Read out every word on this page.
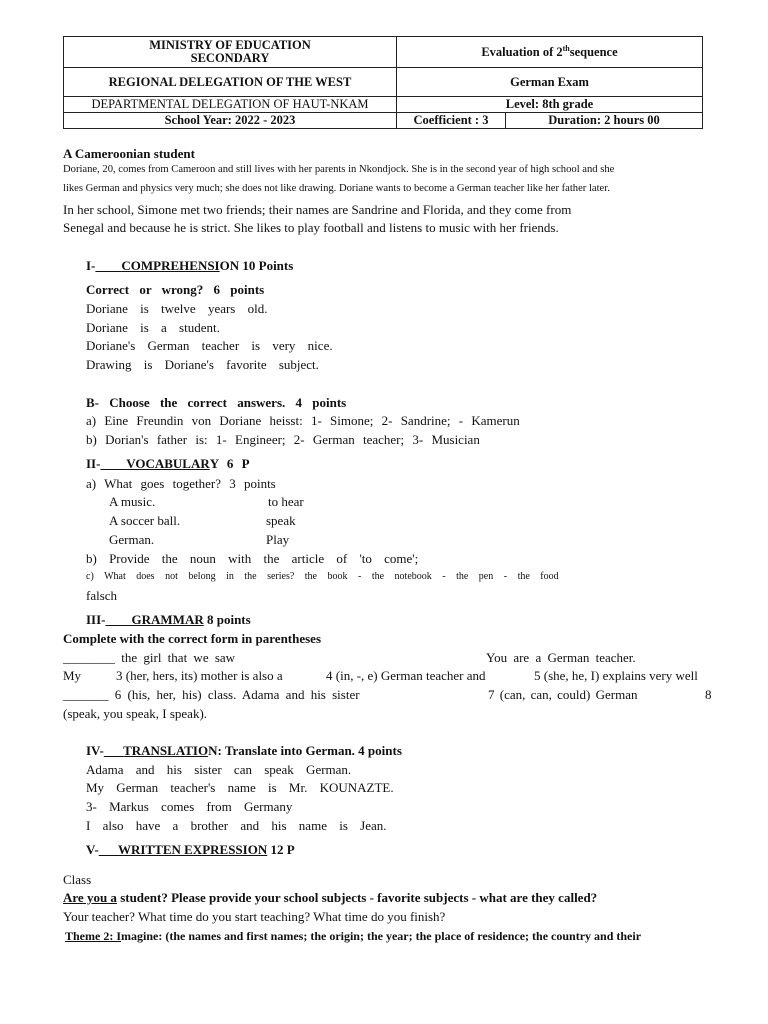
MINISTRY OF EDUCATION
SECONDARY	Evaluation of 2thsequence	
REGIONAL DELEGATION OF THE WEST	German Exam	
DEPARTMENTAL DELEGATION OF HAUT-NKAM	Level: 8th grade	
School Year: 2022 - 2023	Coefficient : 3	Duration: 2 hours 00
A Cameroonian student
Doriane, 20, comes from Cameroon and still lives with her parents in Nkondjock. She is in the second year of high school and she
likes German and physics very much; she does not like drawing. Doriane wants to become a German teacher like her father later.
In her school, Simone met two friends; their names are Sandrine and Florida, and they come from
Senegal and because he is strict. She likes to play football and listens to music with her friends.
I- COMPREHENSION 10 Points
Correct or wrong? 6 points
Doriane is twelve years old.
Doriane is a student.
Doriane's German teacher is very nice.
Drawing is Doriane's favorite subject.
B- Choose the correct answers. 4 points
a) Eine Freundin von Doriane heisst: 1- Simone; 2- Sandrine; - Kamerun
b) Dorian's father is: 1- Engineer; 2- German teacher; 3- Musician
II- VOCABULARY 6 P
a) What goes together? 3 points
A music.	to hear
A soccer ball.	speak
German.	Play
b) Provide the noun with the article of 'to come';
c) What does not belong in the series? the book - the notebook - the pen - the food
falsch
III- GRAMMAR 8 points
Complete with the correct form in parentheses
________ the girl that we saw	You are a German teacher.
My	3 (her, hers, its) mother is also a	4 (in, -, e) German teacher and	5 (she, he, I) explains very well
_______ 6 (his, her, his) class. Adama and his sister	7 (can, can, could) German	8
(speak, you speak, I speak).
IV- TRANSLATION: Translate into German. 4 points
Adama and his sister can speak German.
My German teacher's name is Mr. KOUNAZTE.
3- Markus comes from Germany
I also have a brother and his name is Jean.
V- WRITTEN EXPRESSION 12 P
Class
Are you a student? Please provide your school subjects - favorite subjects - what are they called?
Your teacher? What time do you start teaching? What time do you finish?
Theme 2: Imagine: (the names and first names; the origin; the year; the place of residence; the country and their
